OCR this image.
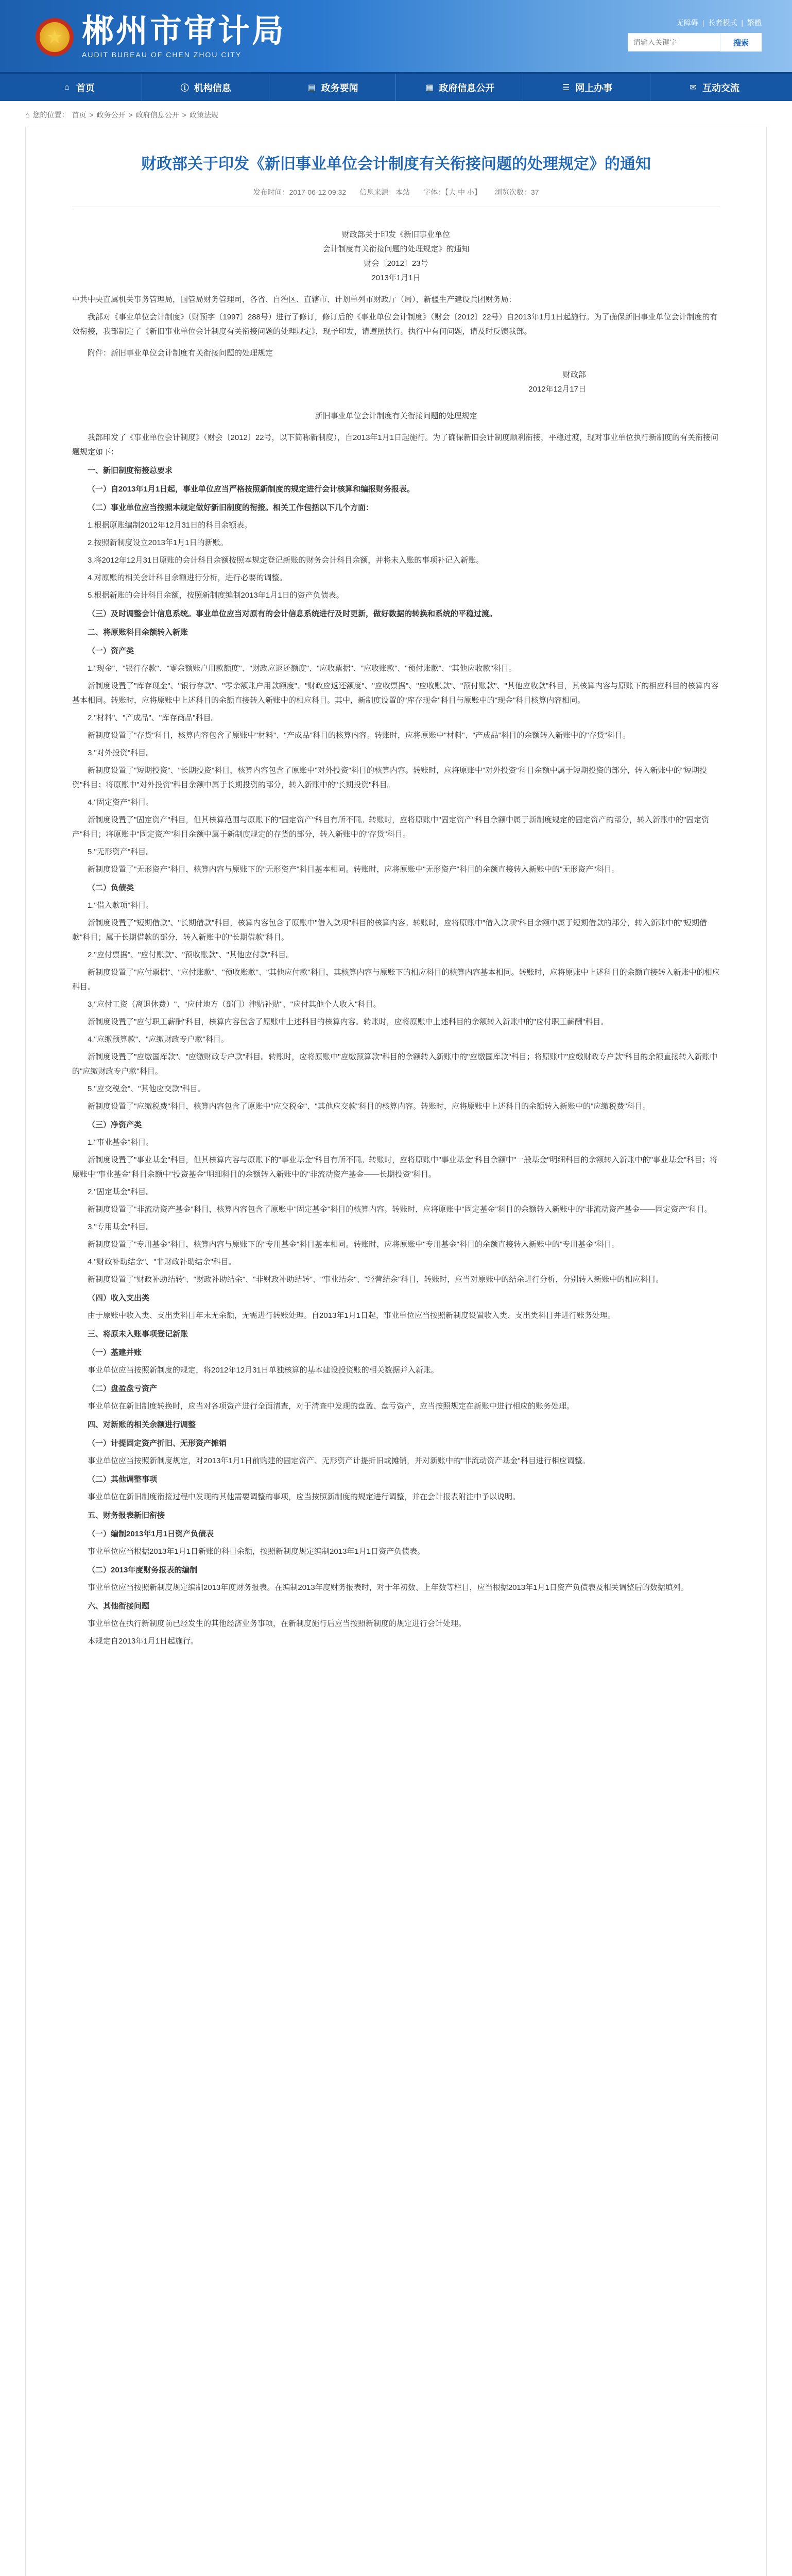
★ 郴州市审计局
AUDIT BUREAU OF CHEN ZHOU CITY
无障碍 | 长者模式 | 繁體
请输入关键字
搜索
⌂ 首页	ⓘ 机构信息	▤ 政务要闻	▦ 政府信息公开	☰ 网上办事	✉ 互动交流
⌂ 您的位置： 首页 > 政务公开 > 政府信息公开 > 政策法规
财政部关于印发《新旧事业单位会计制度有关衔接问题的处理规定》的通知
发布时间：2017-06-12 09:32 信息来源：本站 字体：【大 中 小】 浏览次数：37
财政部关于印发《新旧事业单位
会计制度有关衔接问题的处理规定》的通知
财会〔2012〕23号
2013年1月1日

中共中央直属机关事务管理局，国管局财务管理司，各省、自治区、直辖市、计划单列市财政厅（局），新疆生产建设兵团财务局：

我部对《事业单位会计制度》（财预字〔1997〕288号）进行了修订，修订后的《事业单位会计制度》（财会〔2012〕22号）自2013年1月1日起施行。为了确保新旧事业单位会计制度的有效衔接，我部制定了《新旧事业单位会计制度有关衔接问题的处理规定》，现予印发，请遵照执行。执行中有何问题，请及时反馈我部。

附件：新旧事业单位会计制度有关衔接问题的处理规定

财政部
2012年12月17日
新旧事业单位会计制度有关衔接问题的处理规定

我部印发了《事业单位会计制度》（财会〔2012〕22号，以下简称新制度），自2013年1月1日起施行。为了确保新旧会计制度顺利衔接，平稳过渡，现对事业单位执行新制度的有关衔接问题规定如下：

一、新旧制度衔接总要求

（一）自2013年1月1日起，事业单位应当严格按照新制度的规定进行会计核算和编报财务报表。

（二）事业单位应当按照本规定做好新旧制度的衔接。相关工作包括以下几个方面：

1.根据原账编制2012年12月31日的科目余额表。

2.按照新制度设立2013年1月1日的新账。

3.将2012年12月31日原账的会计科目余额按照本规定登记新账的财务会计科目余额，并将未入账的事项补记入新账。

4.对原账的相关会计科目余额进行分析，进行必要的调整。

5.根据新账的会计科目余额，按照新制度编制2013年1月1日的资产负债表。

（三）及时调整会计信息系统。事业单位应当对原有的会计信息系统进行及时更新，做好数据的转换和系统的平稳过渡。

二、将原账科目余额转入新账

（一）资产类

1."现金"、"银行存款"、"零余额账户用款额度"、"财政应返还额度"、"应收票据"、"应收账款"、"预付账款"、"其他应收款"科目。

新制度设置了"库存现金"、"银行存款"、"零余额账户用款额度"、"财政应返还额度"、"应收票据"、"应收账款"、"预付账款"、"其他应收款"科目，其核算内容与原账下的相应科目的核算内容基本相同。转账时，应将原账中上述科目的余额直接转入新账中的相应科目。其中，新制度设置的"库存现金"科目与原账中的"现金"科目核算内容相同。

2."材料"、"产成品"、"库存商品"科目。

新制度设置了"存货"科目，核算内容包含了原账中"材料"、"产成品"科目的核算内容。转账时，应将原账中"材料"、"产成品"科目的余额转入新账中的"存货"科目。

3."对外投资"科目。

新制度设置了"短期投资"、"长期投资"科目，核算内容包含了原账中"对外投资"科目的核算内容。转账时，应将原账中"对外投资"科目余额中属于短期投资的部分，转入新账中的"短期投资"科目；将原账中"对外投资"科目余额中属于长期投资的部分，转入新账中的"长期投资"科目。

4."固定资产"科目。

新制度设置了"固定资产"科目，但其核算范围与原账下的"固定资产"科目有所不同。转账时，应将原账中"固定资产"科目余额中属于新制度规定的固定资产的部分，转入新账中的"固定资产"科目；将原账中"固定资产"科目余额中属于新制度规定的存货的部分，转入新账中的"存货"科目。

5."无形资产"科目。

新制度设置了"无形资产"科目，核算内容与原账下的"无形资产"科目基本相同。转账时，应将原账中"无形资产"科目的余额直接转入新账中的"无形资产"科目。

（二）负债类

1."借入款项"科目。

新制度设置了"短期借款"、"长期借款"科目，核算内容包含了原账中"借入款项"科目的核算内容。转账时，应将原账中"借入款项"科目余额中属于短期借款的部分，转入新账中的"短期借款"科目；属于长期借款的部分，转入新账中的"长期借款"科目。

2."应付票据"、"应付账款"、"预收账款"、"其他应付款"科目。

新制度设置了"应付票据"、"应付账款"、"预收账款"、"其他应付款"科目，其核算内容与原账下的相应科目的核算内容基本相同。转账时，应将原账中上述科目的余额直接转入新账中的相应科目。

3."应付工资（离退休费）"、"应付地方（部门）津贴补贴"、"应付其他个人收入"科目。

新制度设置了"应付职工薪酬"科目，核算内容包含了原账中上述科目的核算内容。转账时，应将原账中上述科目的余额转入新账中的"应付职工薪酬"科目。

4."应缴预算款"、"应缴财政专户款"科目。

新制度设置了"应缴国库款"、"应缴财政专户款"科目。转账时，应将原账中"应缴预算款"科目的余额转入新账中的"应缴国库款"科目；将原账中"应缴财政专户款"科目的余额直接转入新账中的"应缴财政专户款"科目。

5."应交税金"、"其他应交款"科目。

新制度设置了"应缴税费"科目，核算内容包含了原账中"应交税金"、"其他应交款"科目的核算内容。转账时，应将原账中上述科目的余额转入新账中的"应缴税费"科目。

（三）净资产类

1."事业基金"科目。

新制度设置了"事业基金"科目，但其核算内容与原账下的"事业基金"科目有所不同。转账时，应将原账中"事业基金"科目余额中"一般基金"明细科目的余额转入新账中的"事业基金"科目；将原账中"事业基金"科目余额中"投资基金"明细科目的余额转入新账中的"非流动资产基金——长期投资"科目。

2."固定基金"科目。

新制度设置了"非流动资产基金"科目，核算内容包含了原账中"固定基金"科目的核算内容。转账时，应将原账中"固定基金"科目的余额转入新账中的"非流动资产基金——固定资产"科目。

3."专用基金"科目。

新制度设置了"专用基金"科目，核算内容与原账下的"专用基金"科目基本相同。转账时，应将原账中"专用基金"科目的余额直接转入新账中的"专用基金"科目。

4."财政补助结余"、"非财政补助结余"科目。

新制度设置了"财政补助结转"、"财政补助结余"、"非财政补助结转"、"事业结余"、"经营结余"科目，转账时，应当对原账中的结余进行分析，分别转入新账中的相应科目。

（四）收入支出类

由于原账中收入类、支出类科目年末无余额，无需进行转账处理。自2013年1月1日起，事业单位应当按照新制度设置收入类、支出类科目并进行账务处理。

三、将原未入账事项登记新账

（一）基建并账

事业单位应当按照新制度的规定，将2012年12月31日单独核算的基本建设投资账的相关数据并入新账。

（二）盘盈盘亏资产

事业单位在新旧制度转换时，应当对各项资产进行全面清查，对于清查中发现的盘盈、盘亏资产，应当按照规定在新账中进行相应的账务处理。

四、对新账的相关余额进行调整

（一）计提固定资产折旧、无形资产摊销

事业单位应当按照新制度规定，对2013年1月1日前购建的固定资产、无形资产计提折旧或摊销，并对新账中的"非流动资产基金"科目进行相应调整。

（二）其他调整事项

事业单位在新旧制度衔接过程中发现的其他需要调整的事项，应当按照新制度的规定进行调整，并在会计报表附注中予以说明。

五、财务报表新旧衔接

（一）编制2013年1月1日资产负债表

事业单位应当根据2013年1月1日新账的科目余额，按照新制度规定编制2013年1月1日资产负债表。

（二）2013年度财务报表的编制

事业单位应当按照新制度规定编制2013年度财务报表。在编制2013年度财务报表时，对于年初数、上年数等栏目，应当根据2013年1月1日资产负债表及相关调整后的数据填列。

六、其他衔接问题

事业单位在执行新制度前已经发生的其他经济业务事项，在新制度施行后应当按照新制度的规定进行会计处理。

本规定自2013年1月1日起施行。
